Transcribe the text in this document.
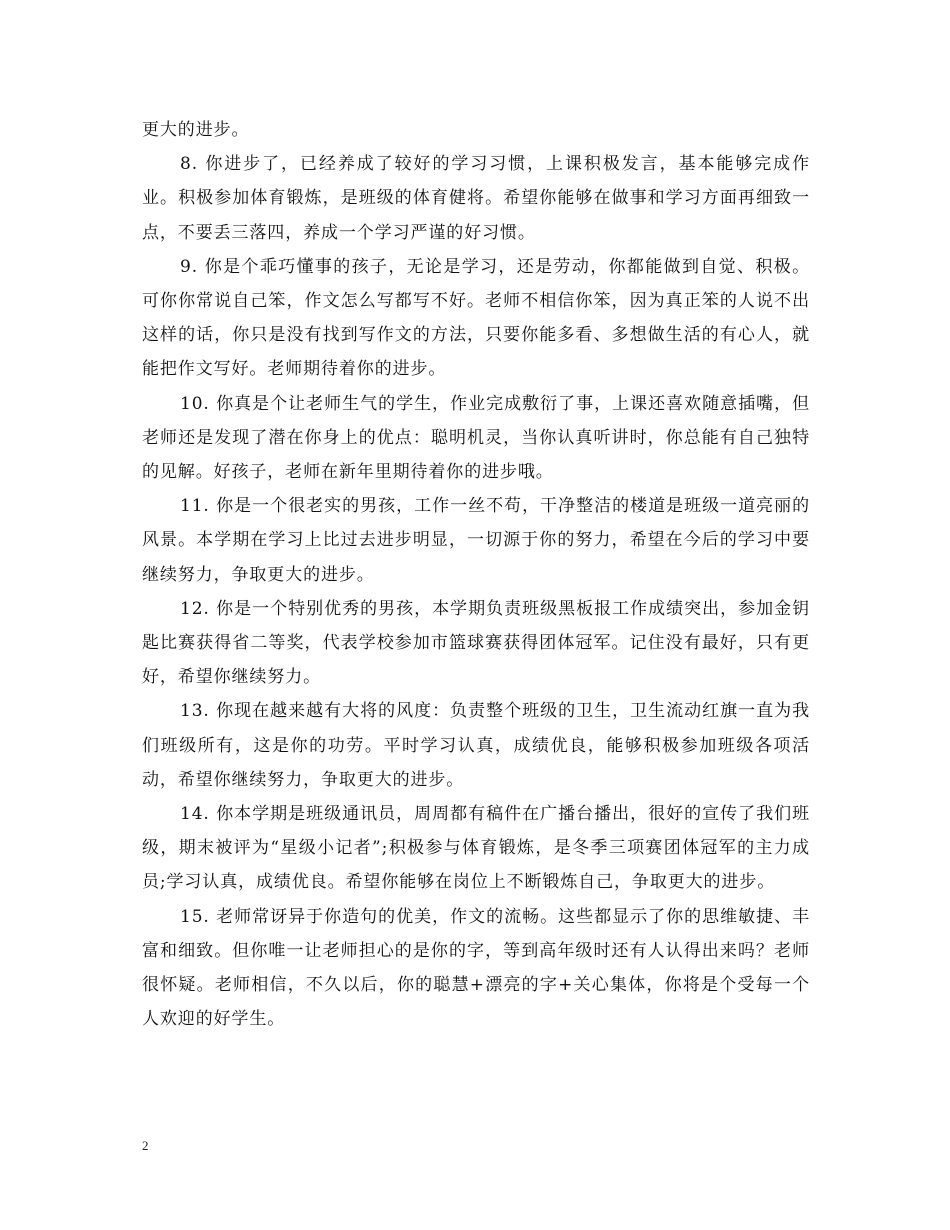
更大的进步。

8. 你进步了，已经养成了较好的学习习惯，上课积极发言，基本能够完成作业。积极参加体育锻炼，是班级的体育健将。希望你能够在做事和学习方面再细致一点，不要丢三落四，养成一个学习严谨的好习惯。

9. 你是个乖巧懂事的孩子，无论是学习，还是劳动，你都能做到自觉、积极。可你你常说自己笨，作文怎么写都写不好。老师不相信你笨，因为真正笨的人说不出这样的话，你只是没有找到写作文的方法，只要你能多看、多想做生活的有心人，就能把作文写好。老师期待着你的进步。

10. 你真是个让老师生气的学生，作业完成敷衍了事，上课还喜欢随意插嘴，但老师还是发现了潜在你身上的优点：聪明机灵，当你认真听讲时，你总能有自己独特的见解。好孩子，老师在新年里期待着你的进步哦。

11. 你是一个很老实的男孩，工作一丝不苟，干净整洁的楼道是班级一道亮丽的风景。本学期在学习上比过去进步明显，一切源于你的努力，希望在今后的学习中要继续努力，争取更大的进步。

12. 你是一个特别优秀的男孩，本学期负责班级黑板报工作成绩突出，参加金钥匙比赛获得省二等奖，代表学校参加市篮球赛获得团体冠军。记住没有最好，只有更好，希望你继续努力。

13. 你现在越来越有大将的风度：负责整个班级的卫生，卫生流动红旗一直为我们班级所有，这是你的功劳。平时学习认真，成绩优良，能够积极参加班级各项活动，希望你继续努力，争取更大的进步。

14. 你本学期是班级通讯员，周周都有稿件在广播台播出，很好的宣传了我们班级，期末被评为“星级小记者”;积极参与体育锻炼，是冬季三项赛团体冠军的主力成员;学习认真，成绩优良。希望你能够在岗位上不断锻炼自己，争取更大的进步。

15. 老师常讶异于你造句的优美，作文的流畅。这些都显示了你的思维敏捷、丰富和细致。但你唯一让老师担心的是你的字，等到高年级时还有人认得出来吗？老师很怀疑。老师相信，不久以后，你的聪慧+漂亮的字+关心集体，你将是个受每一个人欢迎的好学生。

2
